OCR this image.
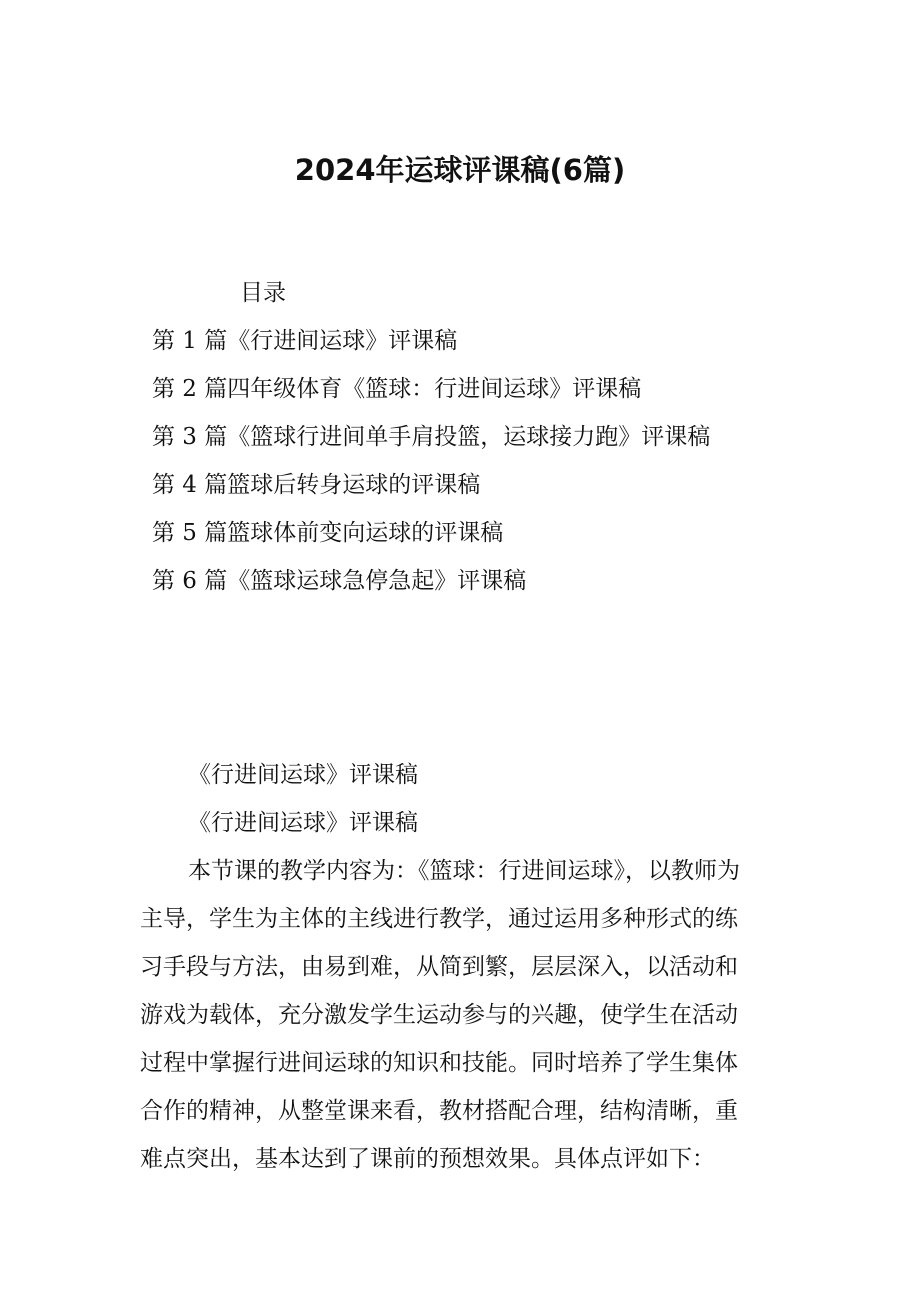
2024年运球评课稿(6篇)
目录
第 1 篇《行进间运球》评课稿
第 2 篇四年级体育《篮球：行进间运球》评课稿
第 3 篇《篮球行进间单手肩投篮，运球接力跑》评课稿
第 4 篇篮球后转身运球的评课稿
第 5 篇篮球体前变向运球的评课稿
第 6 篇《篮球运球急停急起》评课稿
《行进间运球》评课稿
《行进间运球》评课稿
本节课的教学内容为：《篮球：行进间运球》，以教师为
主导，学生为主体的主线进行教学，通过运用多种形式的练
习手段与方法，由易到难，从简到繁，层层深入，以活动和
游戏为载体，充分激发学生运动参与的兴趣，使学生在活动
过程中掌握行进间运球的知识和技能。同时培养了学生集体
合作的精神，从整堂课来看，教材搭配合理，结构清晰，重
难点突出，基本达到了课前的预想效果。具体点评如下：
